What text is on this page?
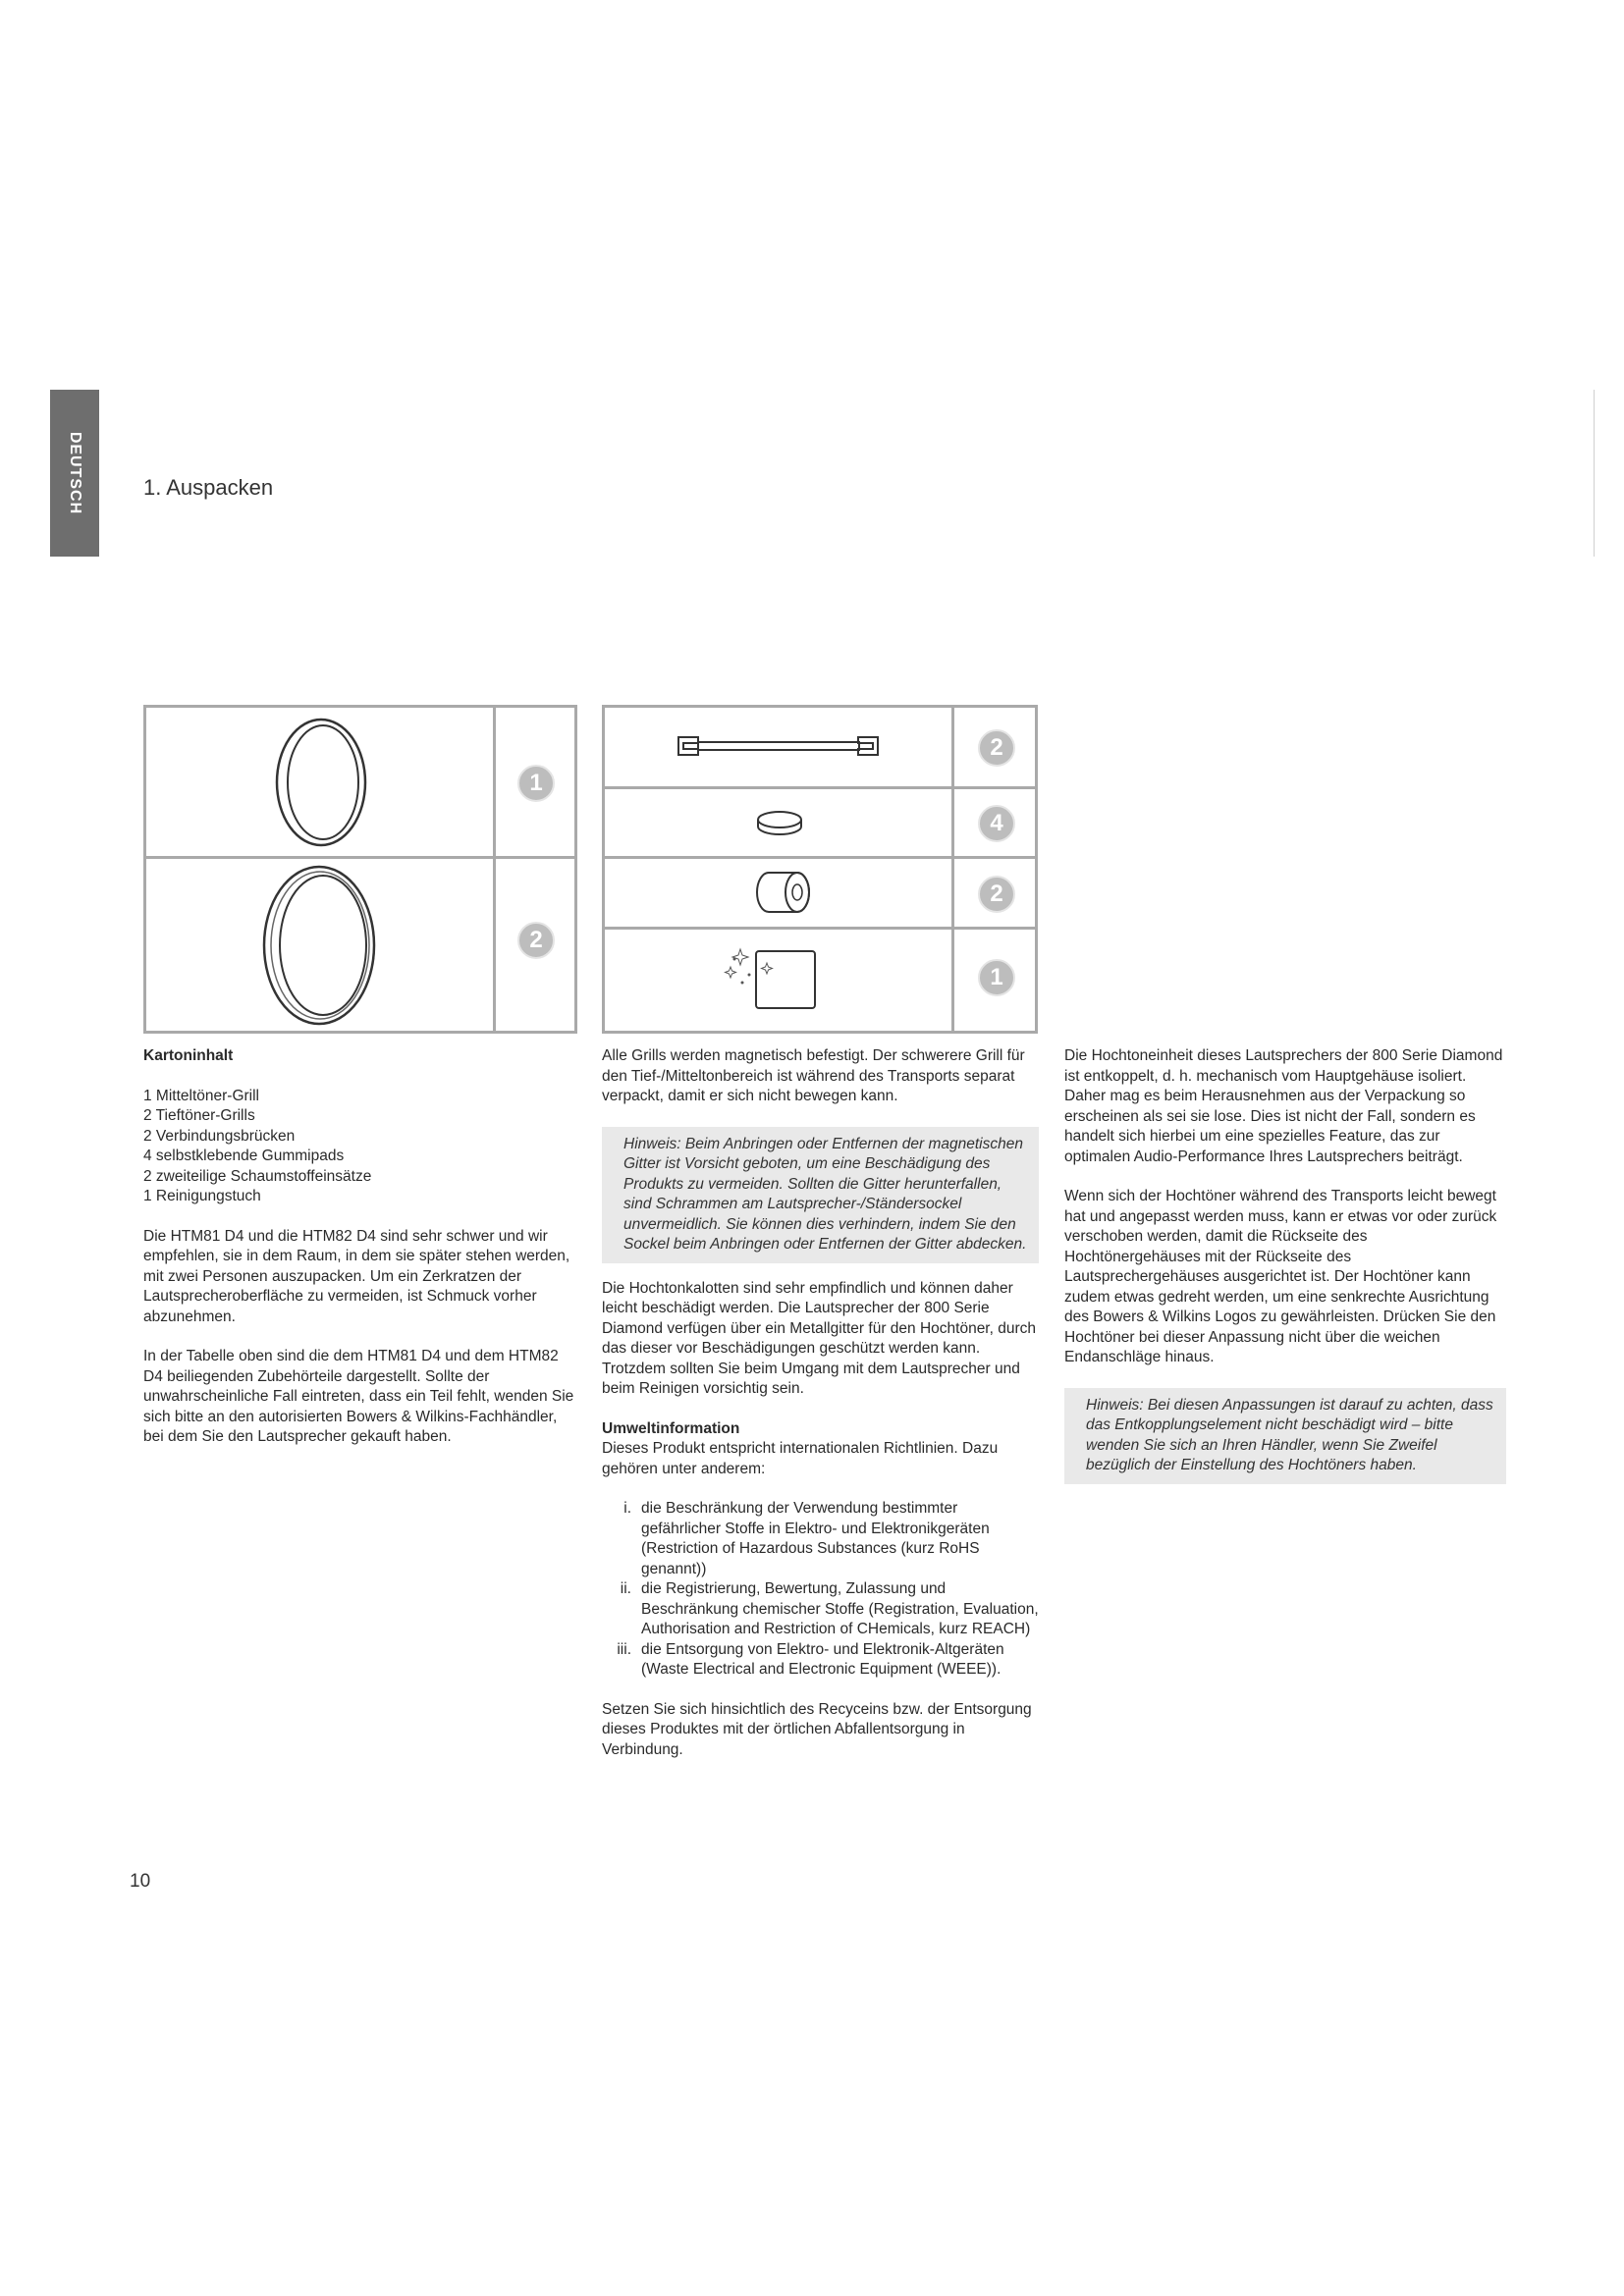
DEUTSCH	1. Auspacken
1
2
2
4
2
1
Kartoninhalt
1 Mitteltöner-Grill
2 Tieftöner-Grills
2 Verbindungsbrücken
4 selbstklebende Gummipads
2 zweiteilige Schaumstoffeinsätze
1 Reinigungstuch

Die HTM81 D4 und die HTM82 D4 sind sehr schwer und wir empfehlen, sie in dem Raum, in dem sie später stehen werden, mit zwei Personen auszupacken. Um ein Zerkratzen der Lautsprecheroberfläche zu vermeiden, ist Schmuck vorher abzunehmen.

In der Tabelle oben sind die dem HTM81 D4 und dem HTM82 D4 beiliegenden Zubehörteile dargestellt. Sollte der unwahrscheinliche Fall eintreten, dass ein Teil fehlt, wenden Sie sich bitte an den autorisierten Bowers & Wilkins-Fachhändler, bei dem Sie den Lautsprecher gekauft haben.

Alle Grills werden magnetisch befestigt. Der schwerere Grill für den Tief-/Mitteltonbereich ist während des Transports separat verpackt, damit er sich nicht bewegen kann.

Hinweis: Beim Anbringen oder Entfernen der magnetischen Gitter ist Vorsicht geboten, um eine Beschädigung des Produkts zu vermeiden. Sollten die Gitter herunterfallen, sind Schrammen am Lautsprecher-/Ständersockel unvermeidlich. Sie können dies verhindern, indem Sie den Sockel beim Anbringen oder Entfernen der Gitter abdecken.

Die Hochtonkalotten sind sehr empfindlich und können daher leicht beschädigt werden. Die Lautsprecher der 800 Serie Diamond verfügen über ein Metallgitter für den Hochtöner, durch das dieser vor Beschädigungen geschützt werden kann. Trotzdem sollten Sie beim Umgang mit dem Lautsprecher und beim Reinigen vorsichtig sein.

Umweltinformation

Dieses Produkt entspricht internationalen Richtlinien. Dazu gehören unter anderem:

i. die Beschränkung der Verwendung bestimmter gefährlicher Stoffe in Elektro- und Elektronikgeräten (Restriction of Hazardous Substances (kurz RoHS genannt))
ii. die Registrierung, Bewertung, Zulassung und Beschränkung chemischer Stoffe (Registration, Evaluation, Authorisation and Restriction of CHemicals, kurz REACH)
iii. die Entsorgung von Elektro- und Elektronik-Altgeräten (Waste Electrical and Electronic Equipment (WEEE)).

Setzen Sie sich hinsichtlich des Recyceins bzw. der Entsorgung dieses Produktes mit der örtlichen Abfallentsorgung in Verbindung.

Die Hochtoneinheit dieses Lautsprechers der 800 Serie Diamond ist entkoppelt, d. h. mechanisch vom Hauptgehäuse isoliert. Daher mag es beim Herausnehmen aus der Verpackung so erscheinen als sei sie lose. Dies ist nicht der Fall, sondern es handelt sich hierbei um eine spezielles Feature, das zur optimalen Audio-Performance Ihres Lautsprechers beiträgt.

Wenn sich der Hochtöner während des Transports leicht bewegt hat und angepasst werden muss, kann er etwas vor oder zurück verschoben werden, damit die Rückseite des Hochtönergehäuses mit der Rückseite des Lautsprechergehäuses ausgerichtet ist. Der Hochtöner kann zudem etwas gedreht werden, um eine senkrechte Ausrichtung des Bowers & Wilkins Logos zu gewährleisten. Drücken Sie den Hochtöner bei dieser Anpassung nicht über die weichen Endanschläge hinaus.

Hinweis: Bei diesen Anpassungen ist darauf zu achten, dass das Entkopplungselement nicht beschädigt wird – bitte wenden Sie sich an Ihren Händler, wenn Sie Zweifel bezüglich der Einstellung des Hochtöners haben.
10
